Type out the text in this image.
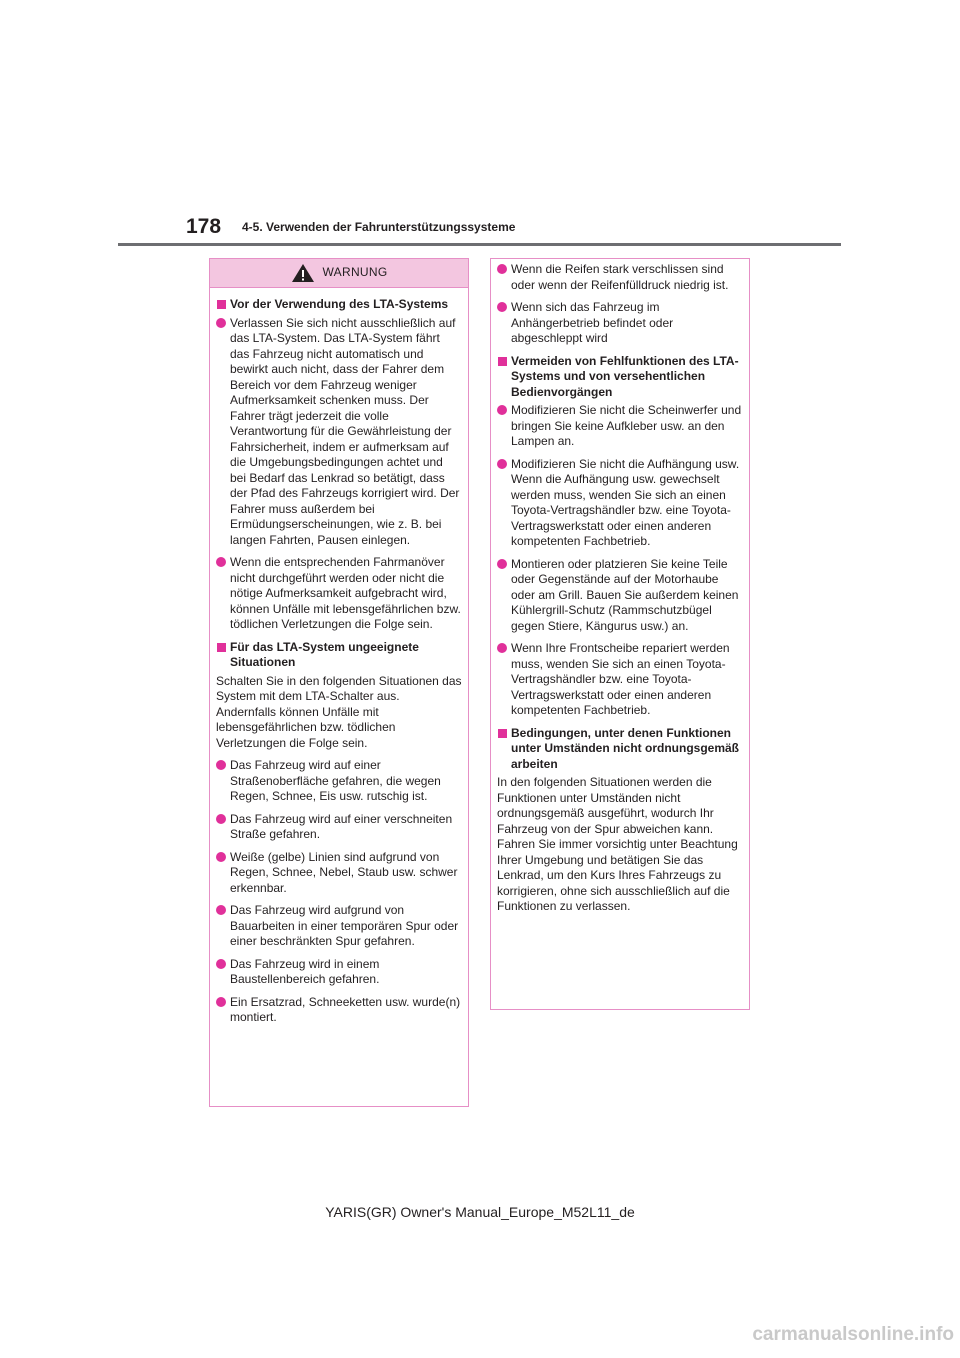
178 4-5. Verwenden der Fahrunterstützungssysteme
WARNUNG
Vor der Verwendung des LTA-Systems
Verlassen Sie sich nicht ausschließlich auf das LTA-System. Das LTA-System fährt das Fahrzeug nicht automatisch und bewirkt auch nicht, dass der Fahrer dem Bereich vor dem Fahrzeug weniger Aufmerksamkeit schenken muss. Der Fahrer trägt jederzeit die volle Verantwortung für die Gewährleistung der Fahrsicherheit, indem er aufmerksam auf die Umgebungsbedingungen achtet und bei Bedarf das Lenkrad so betätigt, dass der Pfad des Fahrzeugs korrigiert wird. Der Fahrer muss außerdem bei Ermüdungserscheinungen, wie z. B. bei langen Fahrten, Pausen einlegen.
Wenn die entsprechenden Fahrmanöver nicht durchgeführt werden oder nicht die nötige Aufmerksamkeit aufgebracht wird, können Unfälle mit lebensgefährlichen bzw. tödlichen Verletzungen die Folge sein.
Für das LTA-System ungeeignete Situationen
Schalten Sie in den folgenden Situationen das System mit dem LTA-Schalter aus. Andernfalls können Unfälle mit lebensgefährlichen bzw. tödlichen Verletzungen die Folge sein.
Das Fahrzeug wird auf einer Straßenoberfläche gefahren, die wegen Regen, Schnee, Eis usw. rutschig ist.
Das Fahrzeug wird auf einer verschneiten Straße gefahren.
Weiße (gelbe) Linien sind aufgrund von Regen, Schnee, Nebel, Staub usw. schwer erkennbar.
Das Fahrzeug wird aufgrund von Bauarbeiten in einer temporären Spur oder einer beschränkten Spur gefahren.
Das Fahrzeug wird in einem Baustellenbereich gefahren.
Ein Ersatzrad, Schneeketten usw. wurde(n) montiert.
Wenn die Reifen stark verschlissen sind oder wenn der Reifenfülldruck niedrig ist.
Wenn sich das Fahrzeug im Anhängerbetrieb befindet oder abgeschleppt wird
Vermeiden von Fehlfunktionen des LTA-Systems und von versehentlichen Bedienvorgängen
Modifizieren Sie nicht die Scheinwerfer und bringen Sie keine Aufkleber usw. an den Lampen an.
Modifizieren Sie nicht die Aufhängung usw. Wenn die Aufhängung usw. gewechselt werden muss, wenden Sie sich an einen Toyota-Vertragshändler bzw. eine Toyota-Vertragswerkstatt oder einen anderen kompetenten Fachbetrieb.
Montieren oder platzieren Sie keine Teile oder Gegenstände auf der Motorhaube oder am Grill. Bauen Sie außerdem keinen Kühlergrill-Schutz (Rammschutzbügel gegen Stiere, Kängurus usw.) an.
Wenn Ihre Frontscheibe repariert werden muss, wenden Sie sich an einen Toyota-Vertragshändler bzw. eine Toyota-Vertragswerkstatt oder einen anderen kompetenten Fachbetrieb.
Bedingungen, unter denen Funktionen unter Umständen nicht ordnungsgemäß arbeiten
In den folgenden Situationen werden die Funktionen unter Umständen nicht ordnungsgemäß ausgeführt, wodurch Ihr Fahrzeug von der Spur abweichen kann. Fahren Sie immer vorsichtig unter Beachtung Ihrer Umgebung und betätigen Sie das Lenkrad, um den Kurs Ihres Fahrzeugs zu korrigieren, ohne sich ausschließlich auf die Funktionen zu verlassen.
YARIS(GR) Owner's Manual_Europe_M52L11_de
carmanualsonline.info
